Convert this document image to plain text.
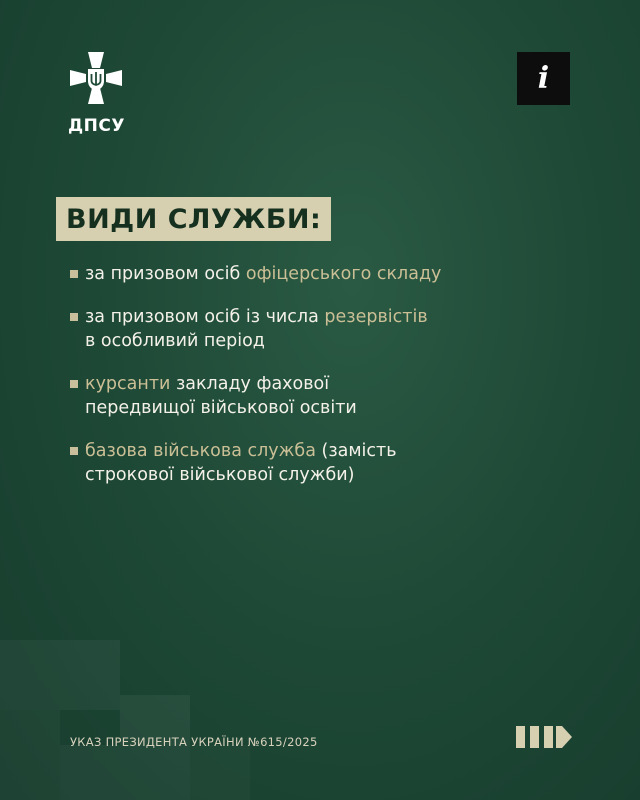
ДПСУ
i
ВИДИ СЛУЖБИ:
за призовом осіб офіцерського складу
за призовом осіб із числа резервістів
в особливий період
курсанти закладу фахової
передвищої військової освіти
базова військова служба (замість
строкової військової служби)
УКАЗ ПРЕЗИДЕНТА УКРАЇНИ №615/2025
